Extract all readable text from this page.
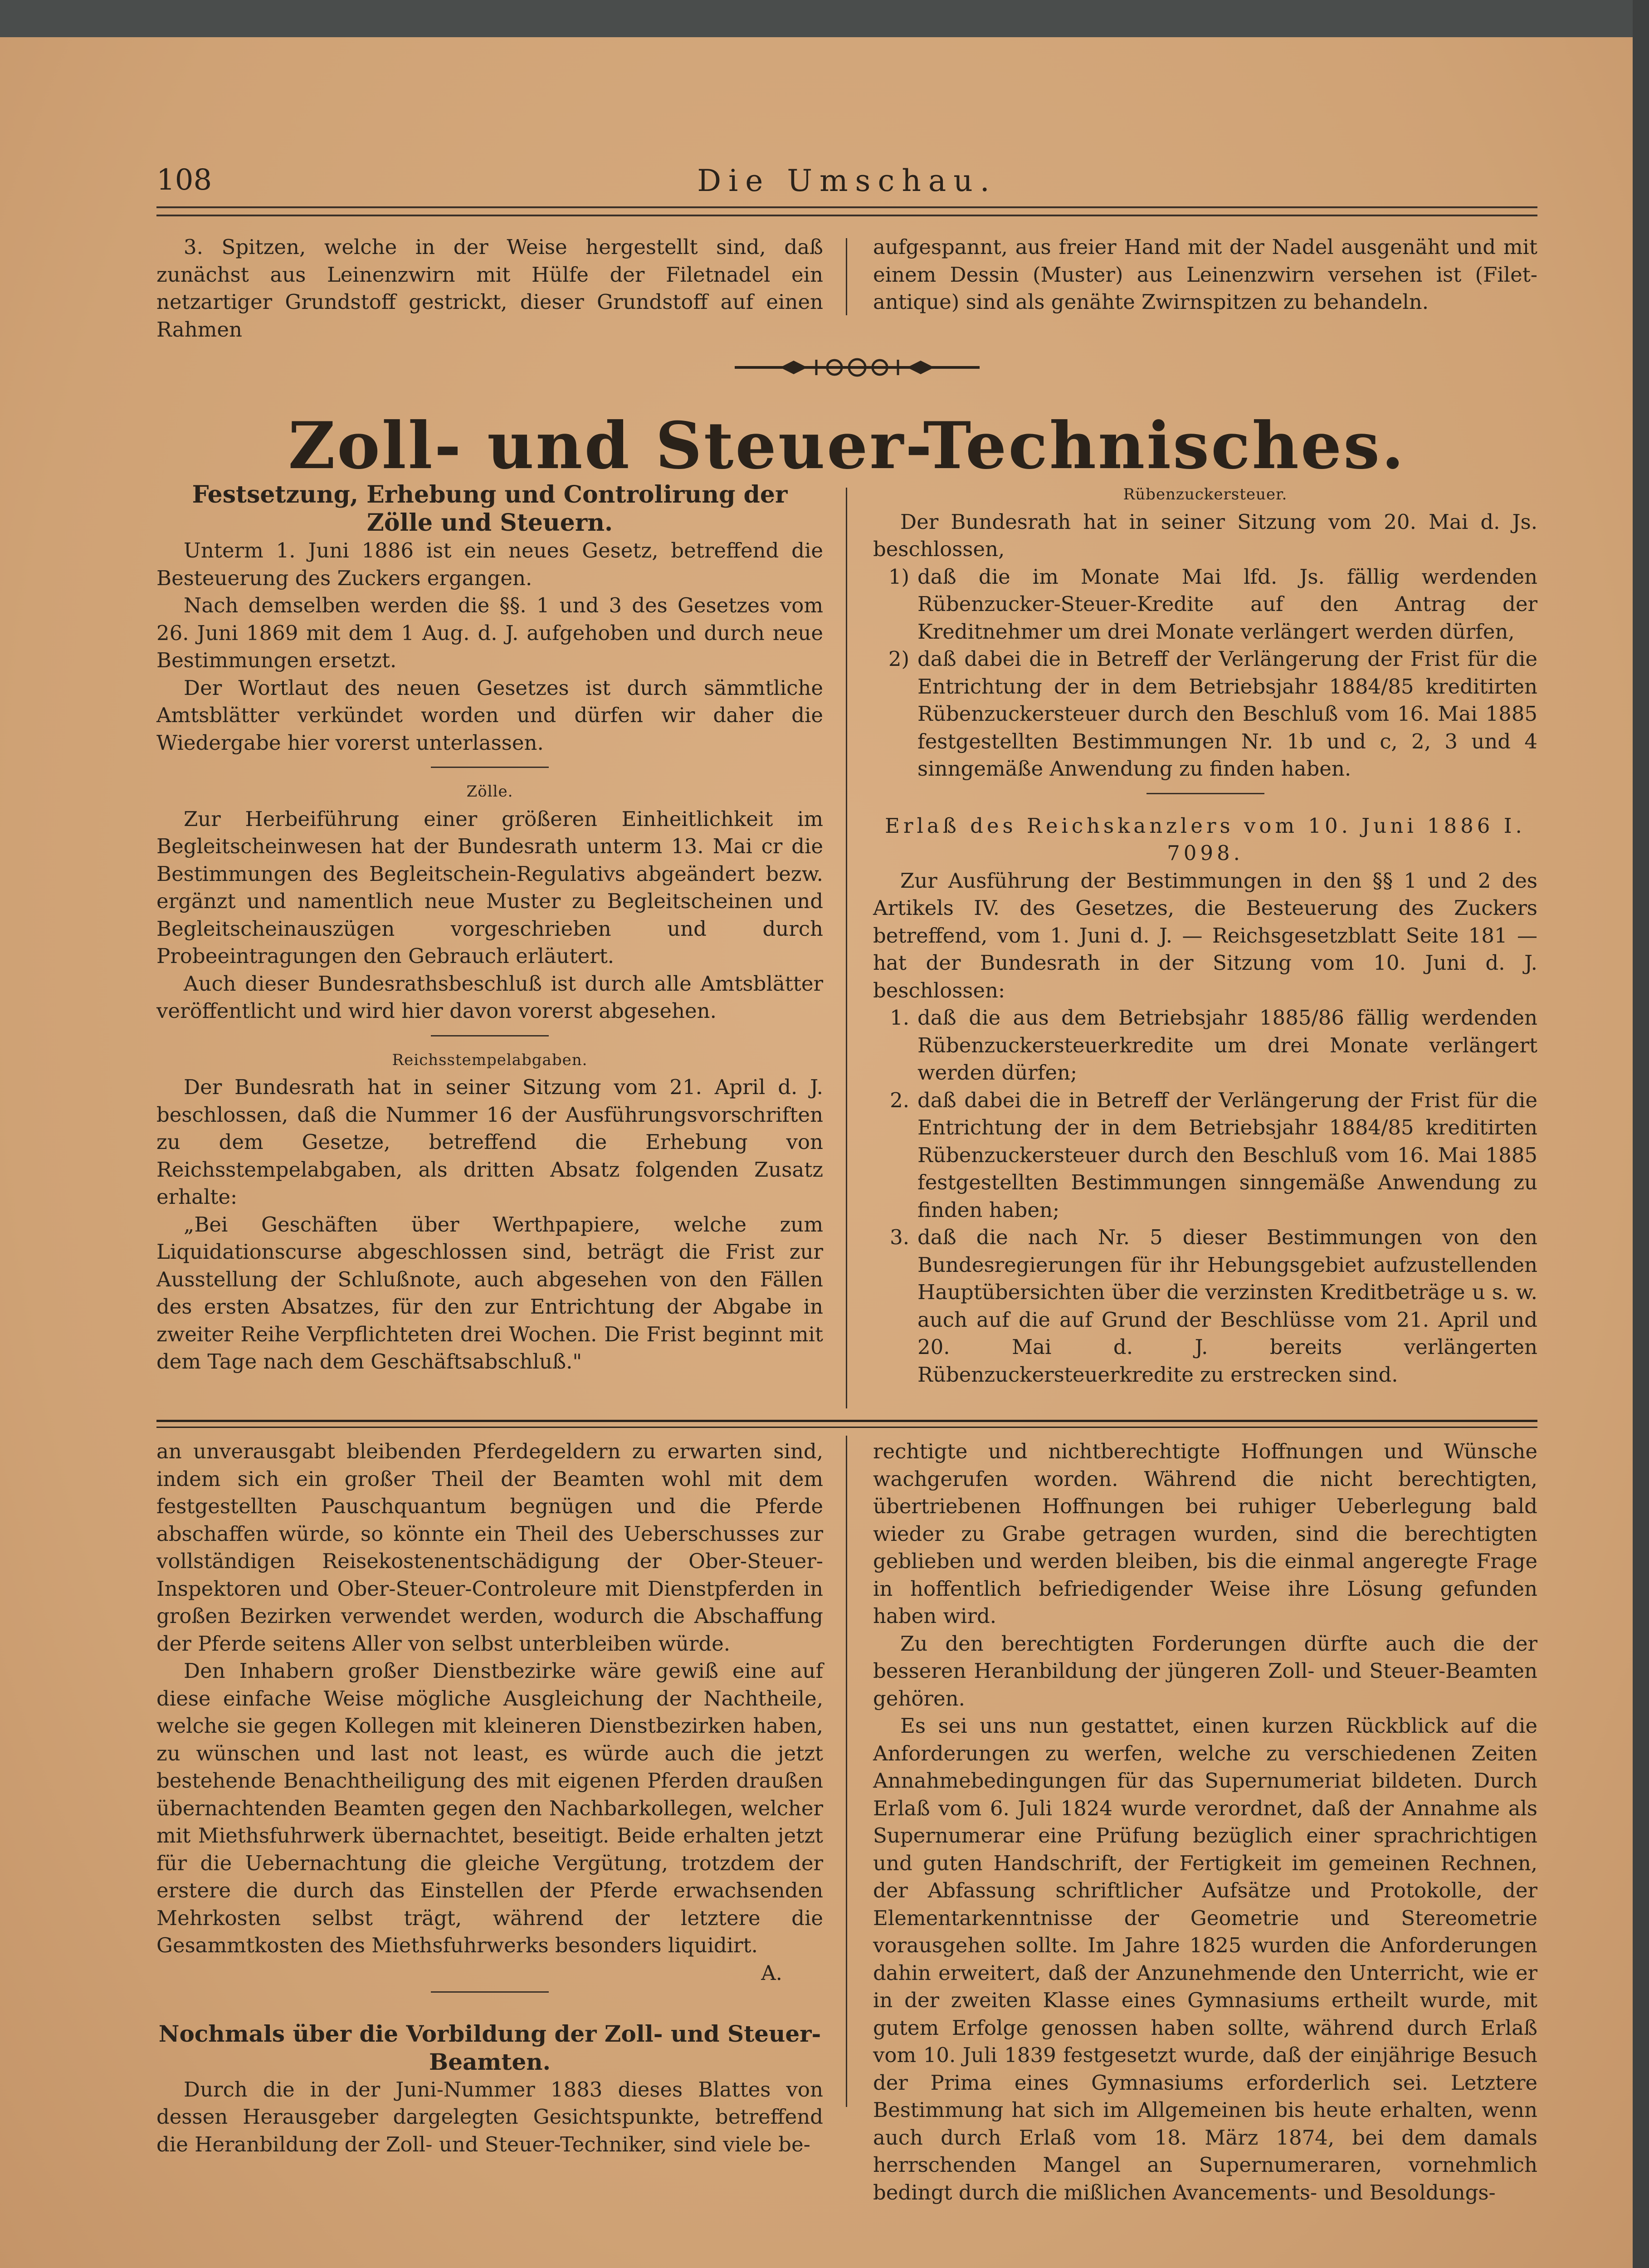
108	Die Umschau.

3. Spitzen, welche in der Weise hergestellt sind, daß zunächst aus Leinenzwirn mit Hülfe der Filetnadel ein netzartiger Grundstoff gestrickt, dieser Grundstoff auf einen Rahmen

aufgespannt, aus freier Hand mit der Nadel ausgenäht und mit einem Dessin (Muster) aus Leinenzwirn versehen ist (Filet-antique) sind als genähte Zwirnspitzen zu behandeln.

Zoll- und Steuer-Technisches.

Festsetzung, Erhebung und Controlirung der Zölle und Steuern.

Unterm 1. Juni 1886 ist ein neues Gesetz, betreffend die Besteuerung des Zuckers ergangen.

Nach demselben werden die §§. 1 und 3 des Gesetzes vom 26. Juni 1869 mit dem 1 Aug. d. J. aufgehoben und durch neue Bestimmungen ersetzt.

Der Wortlaut des neuen Gesetzes ist durch sämmtliche Amtsblätter verkündet worden und dürfen wir daher die Wiedergabe hier vorerst unterlassen.

Zölle.

Zur Herbeiführung einer größeren Einheitlichkeit im Begleitscheinwesen hat der Bundesrath unterm 13. Mai cr die Bestimmungen des Begleitschein-Regulativs abgeändert bezw. ergänzt und namentlich neue Muster zu Begleitscheinen und Begleitscheinauszügen vorgeschrieben und durch Probeeintragungen den Gebrauch erläutert.

Auch dieser Bundesrathsbeschluß ist durch alle Amtsblätter veröffentlicht und wird hier davon vorerst abgesehen.

Reichsstempelabgaben.

Der Bundesrath hat in seiner Sitzung vom 21. April d. J. beschlossen, daß die Nummer 16 der Ausführungsvorschriften zu dem Gesetze, betreffend die Erhebung von Reichsstempelabgaben, als dritten Absatz folgenden Zusatz erhalte:

„Bei Geschäften über Werthpapiere, welche zum Liquidationscurse abgeschlossen sind, beträgt die Frist zur Ausstellung der Schlußnote, auch abgesehen von den Fällen des ersten Absatzes, für den zur Entrichtung der Abgabe in zweiter Reihe Verpflichteten drei Wochen. Die Frist beginnt mit dem Tage nach dem Geschäftsabschluß."

Rübenzuckersteuer.

Der Bundesrath hat in seiner Sitzung vom 20. Mai d. Js. beschlossen,

1) daß die im Monate Mai lfd. Js. fällig werdenden Rübenzucker-Steuer-Kredite auf den Antrag der Kreditnehmer um drei Monate verlängert werden dürfen,
2) daß dabei die in Betreff der Verlängerung der Frist für die Entrichtung der in dem Betriebsjahr 1884/85 kreditirten Rübenzuckersteuer durch den Beschluß vom 16. Mai 1885 festgestellten Bestimmungen Nr. 1b und c, 2, 3 und 4 sinngemäße Anwendung zu finden haben.

Erlaß des Reichskanzlers vom 10. Juni 1886 I. 7098.

Zur Ausführung der Bestimmungen in den §§ 1 und 2 des Artikels IV. des Gesetzes, die Besteuerung des Zuckers betreffend, vom 1. Juni d. J. — Reichsgesetzblatt Seite 181 — hat der Bundesrath in der Sitzung vom 10. Juni d. J. beschlossen:

1. daß die aus dem Betriebsjahr 1885/86 fällig werdenden Rübenzuckersteuerkredite um drei Monate verlängert werden dürfen;
2. daß dabei die in Betreff der Verlängerung der Frist für die Entrichtung der in dem Betriebsjahr 1884/85 kreditirten Rübenzuckersteuer durch den Beschluß vom 16. Mai 1885 festgestellten Bestimmungen sinngemäße Anwendung zu finden haben;
3. daß die nach Nr. 5 dieser Bestimmungen von den Bundesregierungen für ihr Hebungsgebiet aufzustellenden Hauptübersichten über die verzinsten Kreditbeträge u s. w. auch auf die auf Grund der Beschlüsse vom 21. April und 20. Mai d. J. bereits verlängerten Rübenzuckersteuerkredite zu erstrecken sind.

an unverausgabt bleibenden Pferdegeldern zu erwarten sind, indem sich ein großer Theil der Beamten wohl mit dem festgestellten Pauschquantum begnügen und die Pferde abschaffen würde, so könnte ein Theil des Ueberschusses zur vollständigen Reisekostenentschädigung der Ober-Steuer-Inspektoren und Ober-Steuer-Controleure mit Dienstpferden in großen Bezirken verwendet werden, wodurch die Abschaffung der Pferde seitens Aller von selbst unterbleiben würde.

Den Inhabern großer Dienstbezirke wäre gewiß eine auf diese einfache Weise mögliche Ausgleichung der Nachtheile, welche sie gegen Kollegen mit kleineren Dienstbezirken haben, zu wünschen und last not least, es würde auch die jetzt bestehende Benachtheiligung des mit eigenen Pferden draußen übernachtenden Beamten gegen den Nachbarkollegen, welcher mit Miethsfuhrwerk übernachtet, beseitigt. Beide erhalten jetzt für die Uebernachtung die gleiche Vergütung, trotzdem der erstere die durch das Einstellen der Pferde erwachsenden Mehrkosten selbst trägt, während der letztere die Gesammtkosten des Miethsfuhrwerks besonders liquidirt.
A.

Nochmals über die Vorbildung der Zoll- und Steuer-Beamten.

Durch die in der Juni-Nummer 1883 dieses Blattes von dessen Herausgeber dargelegten Gesichtspunkte, betreffend die Heranbildung der Zoll- und Steuer-Techniker, sind viele be-

rechtigte und nichtberechtigte Hoffnungen und Wünsche wachgerufen worden. Während die nicht berechtigten, übertriebenen Hoffnungen bei ruhiger Ueberlegung bald wieder zu Grabe getragen wurden, sind die berechtigten geblieben und werden bleiben, bis die einmal angeregte Frage in hoffentlich befriedigender Weise ihre Lösung gefunden haben wird.

Zu den berechtigten Forderungen dürfte auch die der besseren Heranbildung der jüngeren Zoll- und Steuer-Beamten gehören.

Es sei uns nun gestattet, einen kurzen Rückblick auf die Anforderungen zu werfen, welche zu verschiedenen Zeiten Annahmebedingungen für das Supernumeriat bildeten. Durch Erlaß vom 6. Juli 1824 wurde verordnet, daß der Annahme als Supernumerar eine Prüfung bezüglich einer sprachrichtigen und guten Handschrift, der Fertigkeit im gemeinen Rechnen, der Abfassung schriftlicher Aufsätze und Protokolle, der Elementarkenntnisse der Geometrie und Stereometrie vorausgehen sollte. Im Jahre 1825 wurden die Anforderungen dahin erweitert, daß der Anzunehmende den Unterricht, wie er in der zweiten Klasse eines Gymnasiums ertheilt wurde, mit gutem Erfolge genossen haben sollte, während durch Erlaß vom 10. Juli 1839 festgesetzt wurde, daß der einjährige Besuch der Prima eines Gymnasiums erforderlich sei. Letztere Bestimmung hat sich im Allgemeinen bis heute erhalten, wenn auch durch Erlaß vom 18. März 1874, bei dem damals herrschenden Mangel an Supernumeraren, vornehmlich bedingt durch die mißlichen Avancements- und Besoldungs-
